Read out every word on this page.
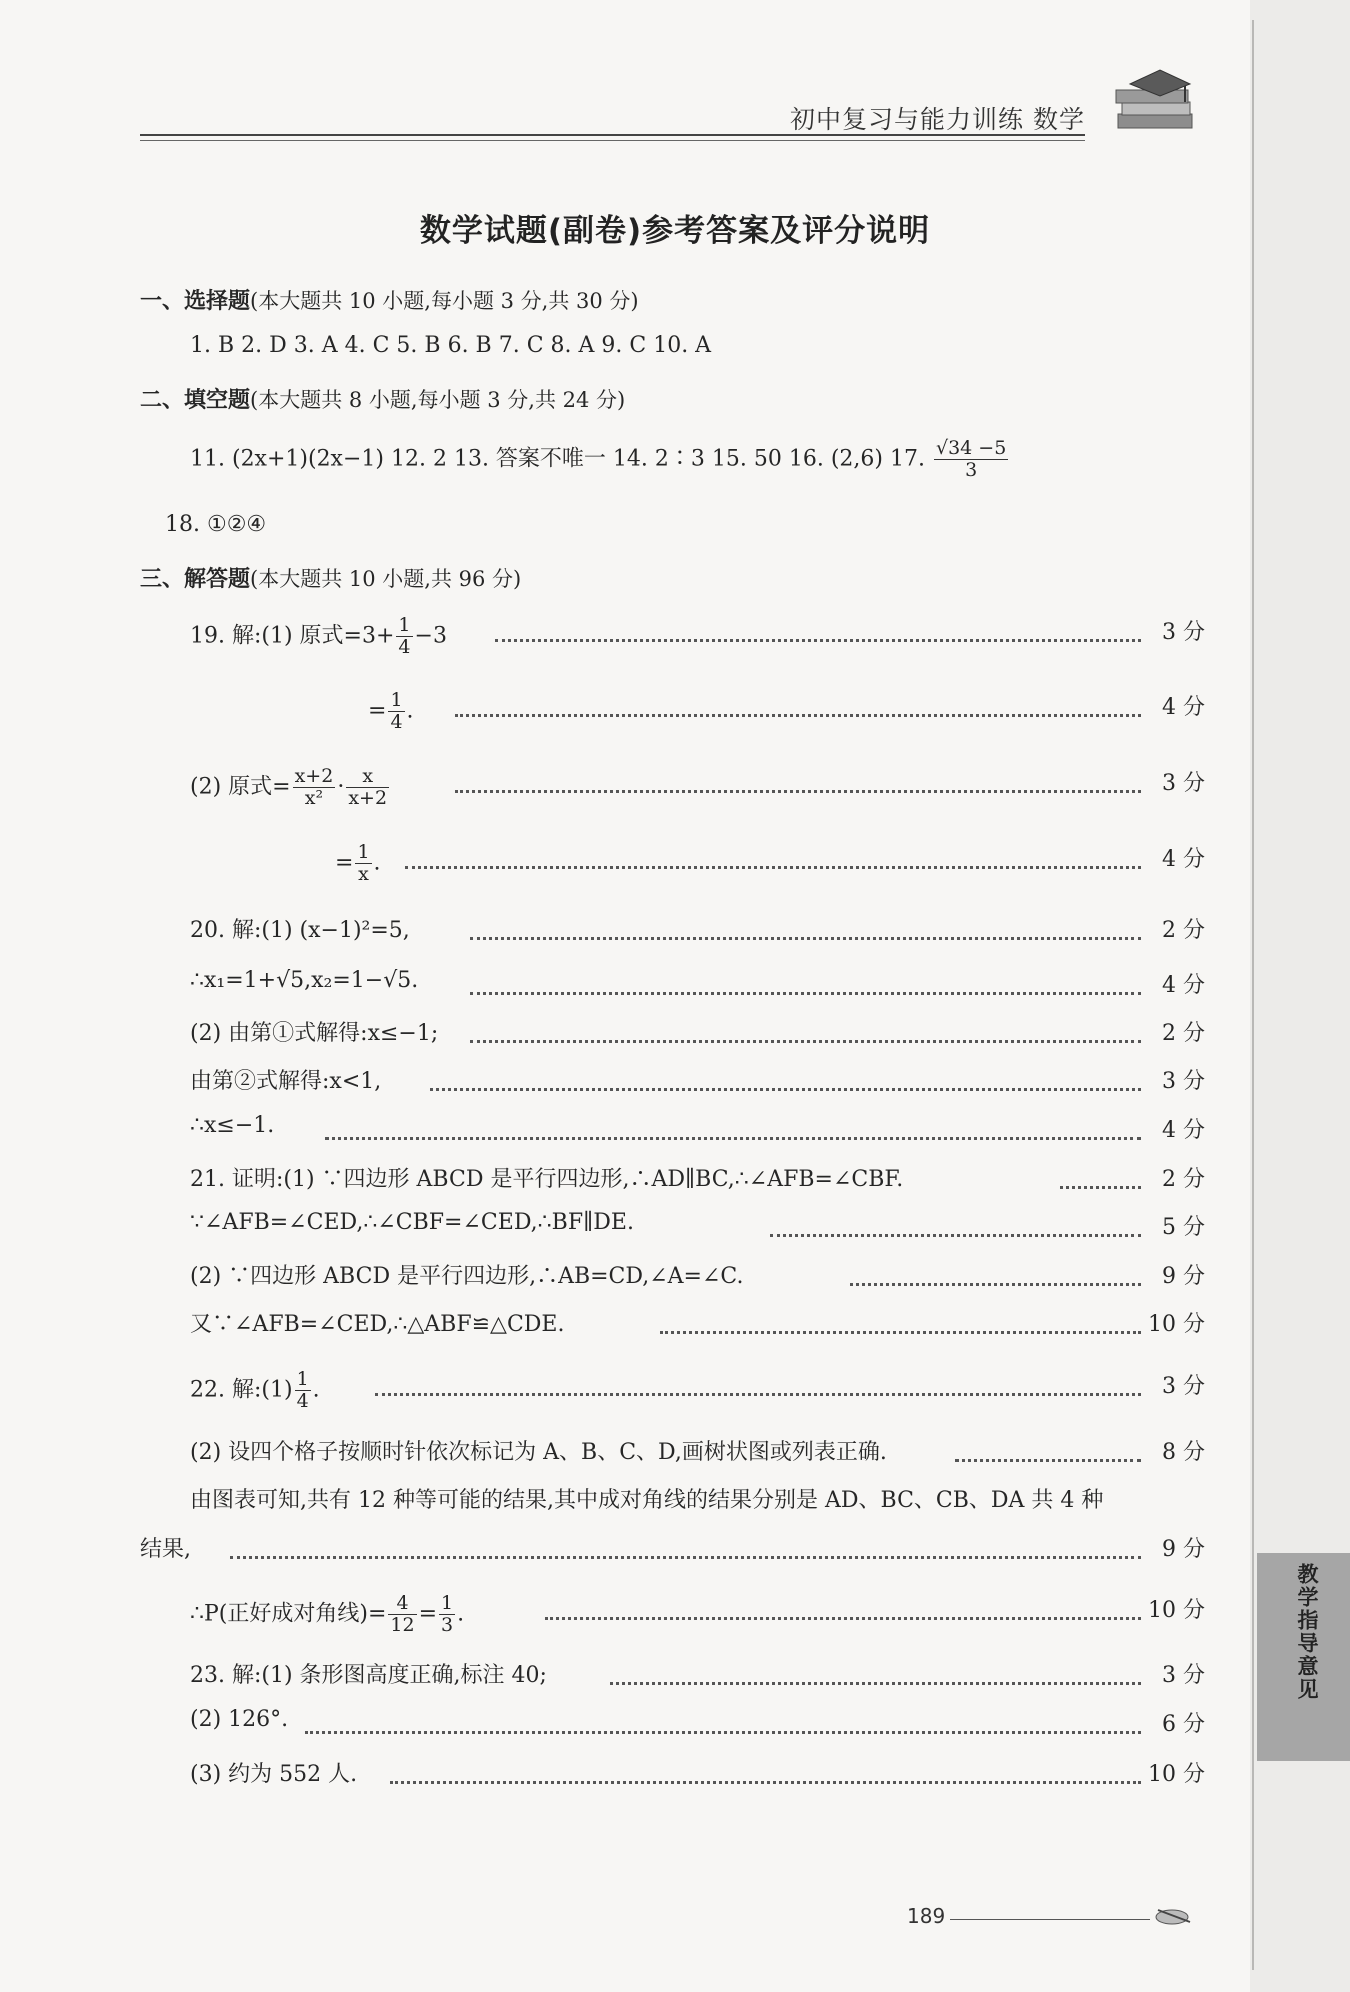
初中复习与能力训练 数学
数学试题(副卷)参考答案及评分说明
一、选择题(本大题共 10 小题,每小题 3 分,共 30 分)
1. B 2. D 3. A 4. C 5. B 6. B 7. C 8. A 9. C 10. A
二、填空题(本大题共 8 小题,每小题 3 分,共 24 分)
11. (2x+1)(2x−1) 12. 2 13. 答案不唯一 14. 2∶3 15. 50 16. (2,6) 17. $\frac{√34 -5}{3}$
18. ①②④
三、解答题(本大题共 10 小题,共 96 分)
19. 解:(1) 原式$=3+ \frac{1}{4} -3$	3 分
= $\frac{1}{4}$ .	4 分
(2) 原式= $\frac{x+2}{\text{x²}} \cdot \frac{x}{x+2}$	3 分
= $\frac{1}{x}$ .	4 分
20. 解:(1) (x−1)²=5,	2 分
∴x₁=1+√5,x₂=1−√5.	4 分
(2) 由第①式解得:x≤−1;	2 分
由第②式解得:x<1,	3 分
∴x≤−1.	4 分
21. 证明:(1) ∵四边形 ABCD 是平行四边形,∴AD∥BC,∴∠AFB=∠CBF.	2 分
∵∠AFB=∠CED,∴∠CBF=∠CED,∴BF∥DE.	5 分
(2) ∵四边形 ABCD 是平行四边形,∴AB=CD,∠A=∠C.	9 分
又∵∠AFB=∠CED,∴△ABF≌△CDE.	10 分
22. 解:(1) $\frac{1}{4}$ .	3 分
(2) 设四个格子按顺时针依次标记为 A、B、C、D,画树状图或列表正确.	8 分
由图表可知,共有 12 种等可能的结果,其中成对角线的结果分别是 AD、BC、CB、DA 共 4 种
结果,	9 分
∴P(正好成对角线)= $\frac{4}{12} = \frac{1}{3}$ .	10 分
23. 解:(1) 条形图高度正确,标注 40;	3 分
(2) 126°.	6 分
(3) 约为 552 人.	10 分
教学指导意见
189
